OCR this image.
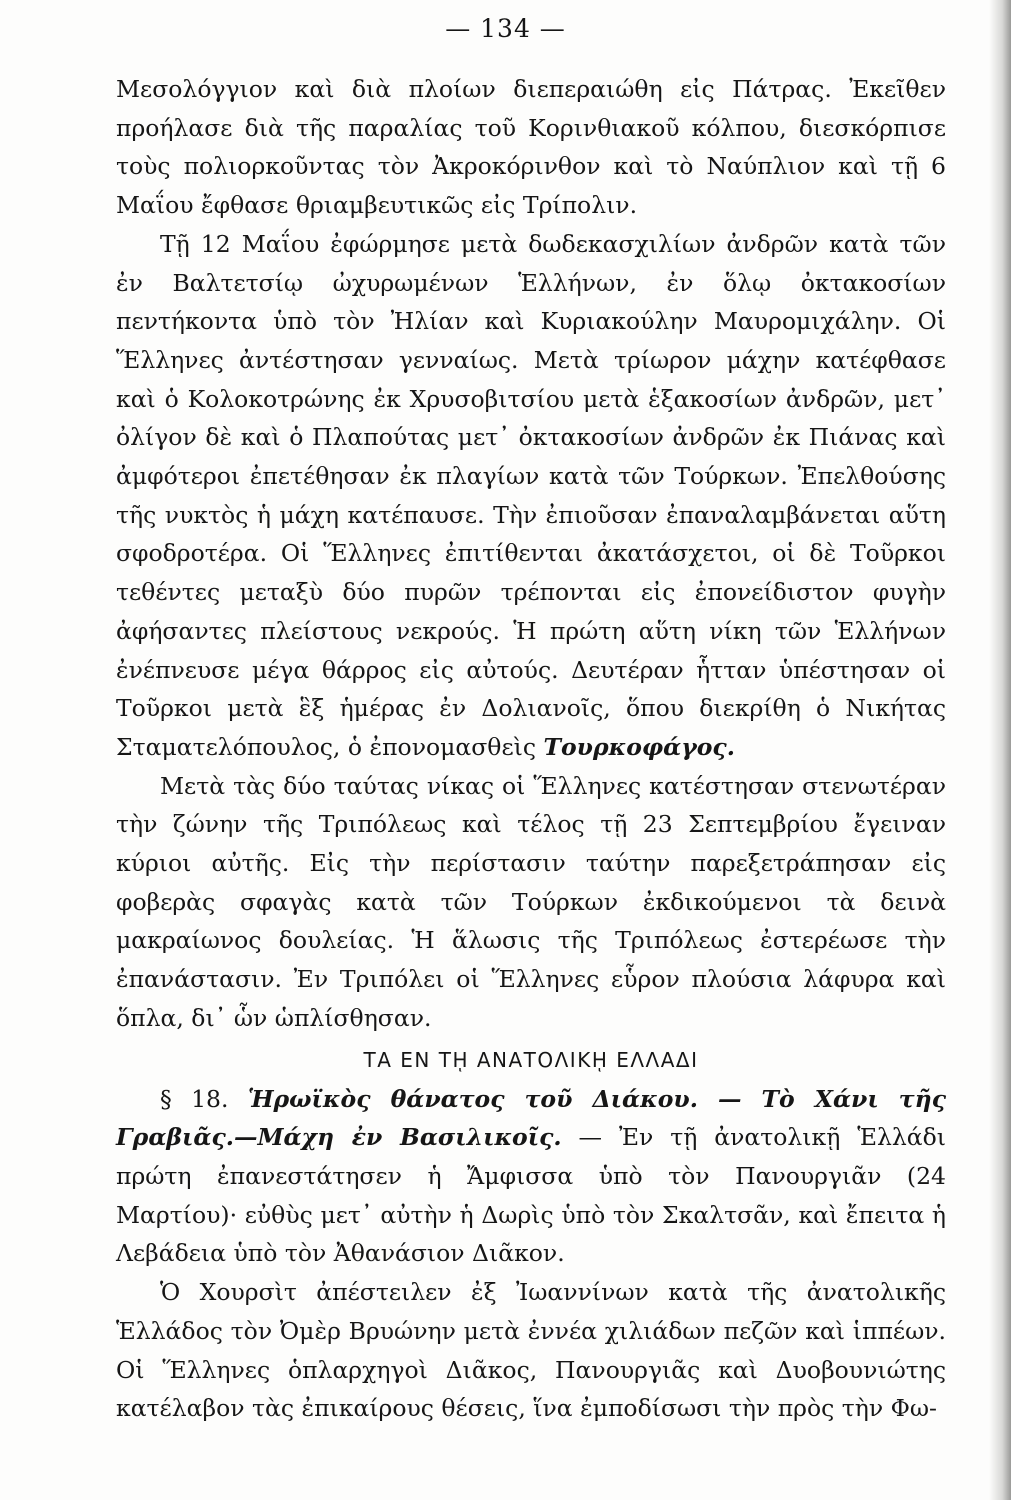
— 134 —

Μεσολόγγιον καὶ διὰ πλοίων διεπεραιώθη εἰς Πάτρας. Ἐκεῖθεν προήλασε διὰ τῆς παραλίας τοῦ Κορινθιακοῦ κόλπου, διεσκόρπισε τοὺς πολιορκοῦντας τὸν Ἀκροκόρινθον καὶ τὸ Ναύπλιον καὶ τῇ 6 Μαΐου ἔφθασε θριαμβευτικῶς εἰς Τρίπολιν.

Τῇ 12 Μαΐου ἐφώρμησε μετὰ δωδεκασχιλίων ἀνδρῶν κατὰ τῶν ἐν Βαλτετσίῳ ὠχυρωμένων Ἑλλήνων, ἐν ὅλῳ ὀκτακοσίων πεντήκοντα ὑπὸ τὸν Ἠλίαν καὶ Κυριακούλην Μαυρομιχάλην. Οἱ Ἕλληνες ἀντέστησαν γενναίως. Μετὰ τρίωρον μάχην κατέφθασε καὶ ὁ Κολοκοτρώνης ἐκ Χρυσοβιτσίου μετὰ ἑξακοσίων ἀνδρῶν, μετ᾽ ὀλίγον δὲ καὶ ὁ Πλαπούτας μετ᾽ ὀκτακοσίων ἀνδρῶν ἐκ Πιάνας καὶ ἀμφότεροι ἐπετέθησαν ἐκ πλαγίων κατὰ τῶν Τούρκων. Ἐπελθούσης τῆς νυκτὸς ἡ μάχη κατέπαυσε. Τὴν ἐπιοῦσαν ἐπαναλαμβάνεται αὕτη σφοδροτέρα. Οἱ Ἕλληνες ἐπιτίθενται ἀκατάσχετοι, οἱ δὲ Τοῦρκοι τεθέντες μεταξὺ δύο πυρῶν τρέπονται εἰς ἐπονείδιστον φυγὴν ἀφήσαντες πλείστους νεκρούς. Ἡ πρώτη αὕτη νίκη τῶν Ἑλλήνων ἐνέπνευσε μέγα θάρρος εἰς αὐτούς. Δευτέραν ἧτταν ὑπέστησαν οἱ Τοῦρκοι μετὰ ἓξ ἡμέρας ἐν Δολιανοῖς, ὅπου διεκρίθη ὁ Νικήτας Σταματελόπουλος, ὁ ἐπονομασθεὶς Τουρκοφάγος.

Μετὰ τὰς δύο ταύτας νίκας οἱ Ἕλληνες κατέστησαν στενωτέραν τὴν ζώνην τῆς Τριπόλεως καὶ τέλος τῇ 23 Σεπτεμβρίου ἔγειναν κύριοι αὐτῆς. Εἰς τὴν περίστασιν ταύτην παρεξετράπησαν εἰς φοβερὰς σφαγὰς κατὰ τῶν Τούρκων ἐκδικούμενοι τὰ δεινὰ μακραίωνος δουλείας. Ἡ ἅλωσις τῆς Τριπόλεως ἐστερέωσε τὴν ἐπανάστασιν. Ἐν Τριπόλει οἱ Ἕλληνες εὗρον πλούσια λάφυρα καὶ ὅπλα, δι᾽ ὧν ὡπλίσθησαν.

ΤΑ ΕΝ Τῌ ΑΝΑΤΟΛΙΚῌ ΕΛΛΑΔΙ

§ 18. Ἡρωϊκὸς θάνατος τοῦ Διάκου. — Τὸ Χάνι τῆς Γραβιᾶς.—Μάχη ἐν Βασιλικοῖς. — Ἐν τῇ ἀνατολικῇ Ἑλλάδι πρώτη ἐπανεστάτησεν ἡ Ἄμφισσα ὑπὸ τὸν Πανουργιᾶν (24 Μαρτίου)· εὐθὺς μετ᾽ αὐτὴν ἡ Δωρὶς ὑπὸ τὸν Σκαλτσᾶν, καὶ ἔπειτα ἡ Λεβάδεια ὑπὸ τὸν Ἀθανάσιον Διᾶκον.

Ὁ Χουρσὶτ ἀπέστειλεν ἐξ Ἰωαννίνων κατὰ τῆς ἀνατολικῆς Ἑλλάδος τὸν Ὀμὲρ Βρυώνην μετὰ ἐννέα χιλιάδων πεζῶν καὶ ἱππέων. Οἱ Ἕλληνες ὁπλαρχηγοὶ Διᾶκος, Πανουργιᾶς καὶ Δυοβουνιώτης κατέλαβον τὰς ἐπικαίρους θέσεις, ἵνα ἐμποδίσωσι τὴν πρὸς τὴν Φω-
